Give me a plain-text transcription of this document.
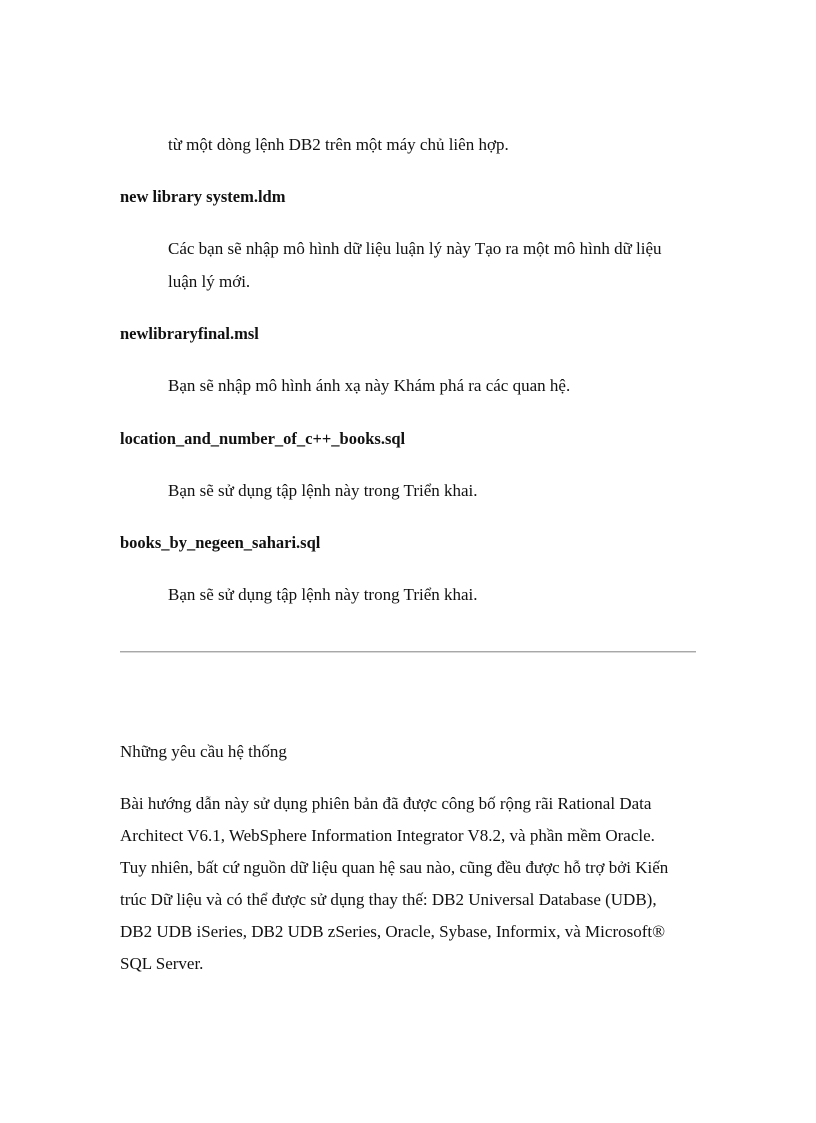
từ một dòng lệnh DB2 trên một máy chủ liên hợp.
new library system.ldm
Các bạn sẽ nhập mô hình dữ liệu luận lý này Tạo ra một mô hình dữ liệu
luận lý mới.
newlibraryfinal.msl
Bạn sẽ nhập mô hình ánh xạ này Khám phá ra các quan hệ.
location_and_number_of_c++_books.sql
Bạn sẽ sử dụng tập lệnh này trong Triển khai.
books_by_negeen_sahari.sql
Bạn sẽ sử dụng tập lệnh này trong Triển khai.
Những yêu cầu hệ thống
Bài hướng dẫn này sử dụng phiên bản đã được công bố rộng rãi Rational Data
Architect V6.1, WebSphere Information Integrator V8.2, và phần mềm Oracle.
Tuy nhiên, bất cứ nguồn dữ liệu quan hệ sau nào, cũng đều được hỗ trợ bởi Kiến
trúc Dữ liệu và có thể được sử dụng thay thế: DB2 Universal Database (UDB),
DB2 UDB iSeries, DB2 UDB zSeries, Oracle, Sybase, Informix, và Microsoft®
SQL Server.
